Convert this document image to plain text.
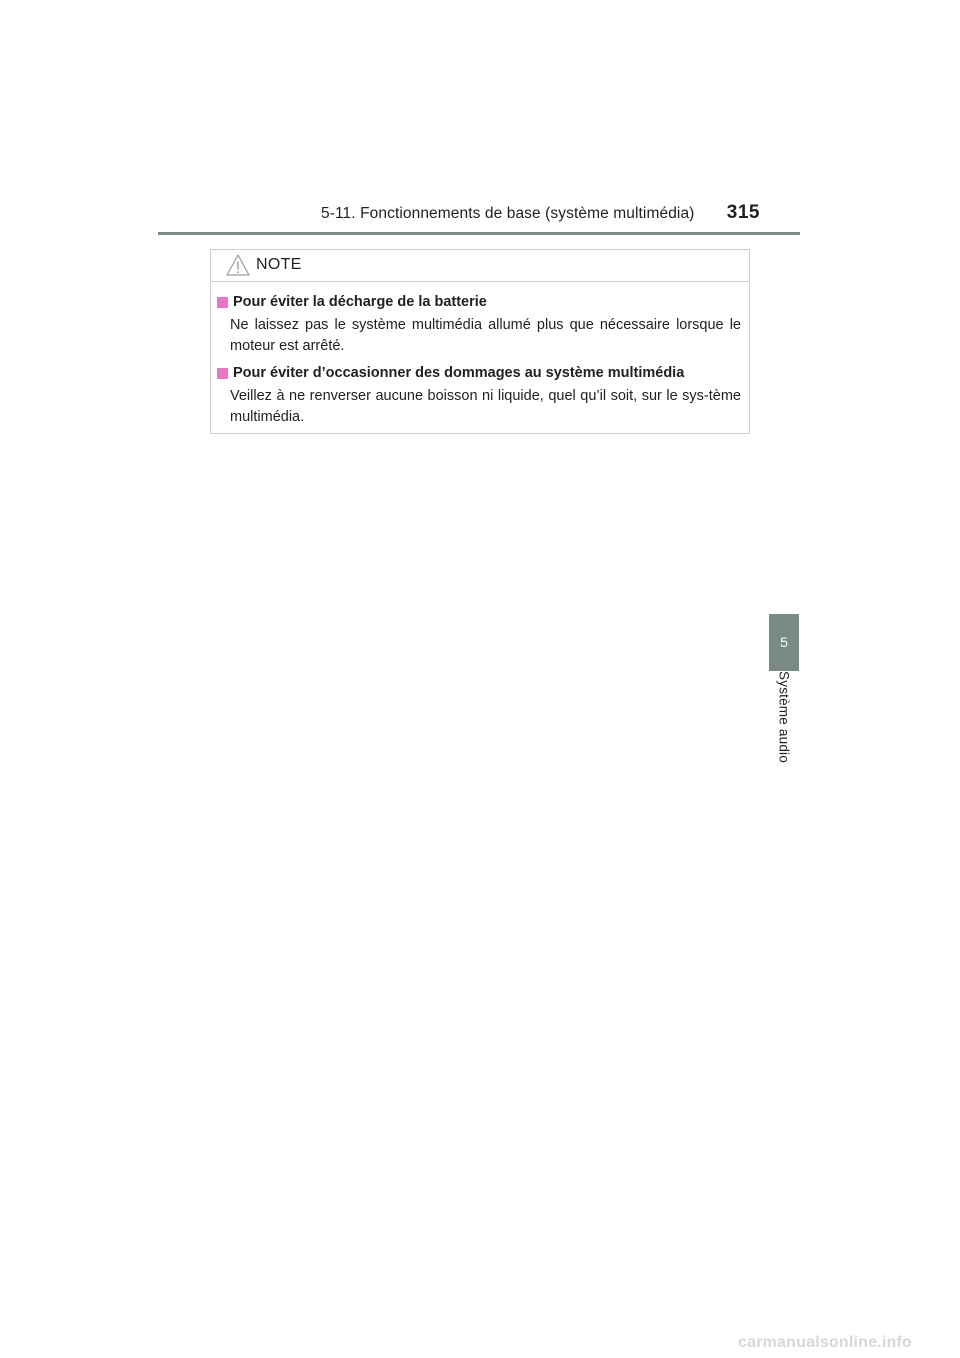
5-11. Fonctionnements de base (système multimédia) 315
NOTE
Pour éviter la décharge de la batterie
Ne laissez pas le système multimédia allumé plus que nécessaire lorsque le moteur est arrêté.
Pour éviter d’occasionner des dommages au système multimédia
Veillez à ne renverser aucune boisson ni liquide, quel qu’il soit, sur le sys-tème multimédia.
5
Système audio
carmanualsonline.info
